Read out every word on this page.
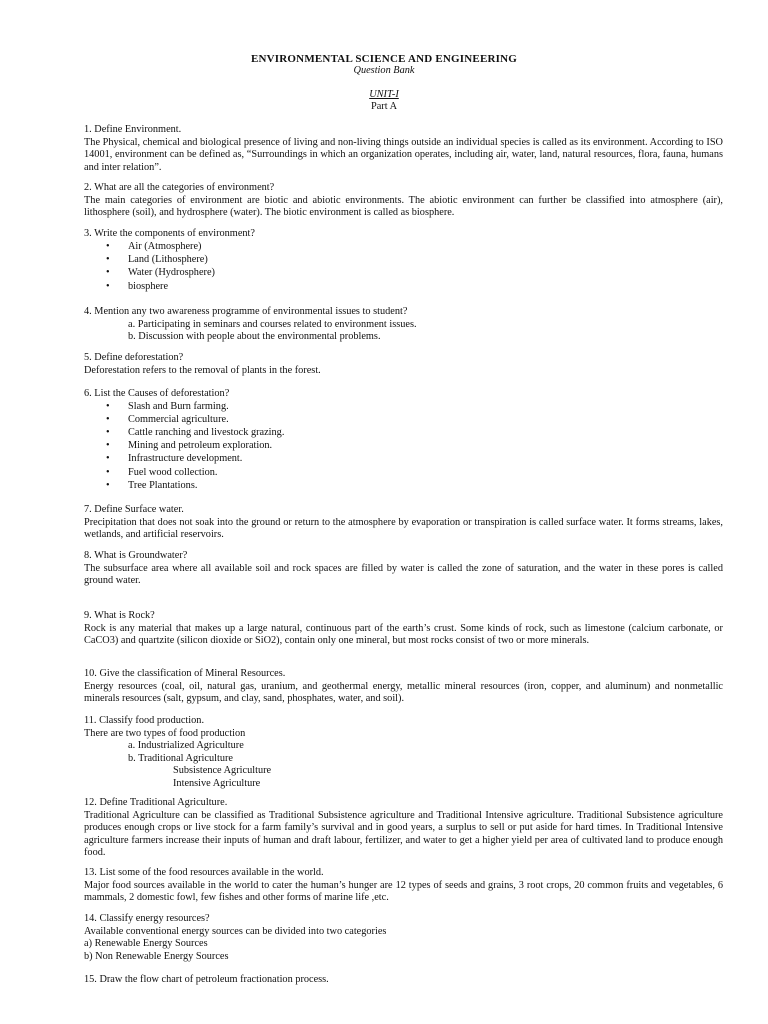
ENVIRONMENTAL SCIENCE AND ENGINEERING
Question Bank
UNIT-I
Part A

1. Define Environment.

The Physical, chemical and biological presence of living and non-living things outside an individual species is called as its environment. According to ISO 14001, environment can be defined as, “Surroundings in which an organization operates, including air, water, land, natural resources, flora, fauna, humans and inter relation”.

2. What are all the categories of environment?

The main categories of environment are biotic and abiotic environments. The abiotic environment can further be classified into atmosphere (air), lithosphere (soil), and hydrosphere (water). The biotic environment is called as biosphere.

3. Write the components of environment?

• Air (Atmosphere)
• Land (Lithosphere)
• Water (Hydrosphere)
• biosphere

4. Mention any two awareness programme of environmental issues to student?

a. Participating in seminars and courses related to environment issues.

b. Discussion with people about the environmental problems.

5. Define deforestation?

Deforestation refers to the removal of plants in the forest.

6. List the Causes of deforestation?

• Slash and Burn farming.
• Commercial agriculture.
• Cattle ranching and livestock grazing.
• Mining and petroleum exploration.
• Infrastructure development.
• Fuel wood collection.
• Tree Plantations.

7. Define Surface water.

Precipitation that does not soak into the ground or return to the atmosphere by evaporation or transpiration is called surface water. It forms streams, lakes, wetlands, and artificial reservoirs.

8. What is Groundwater?

The subsurface area where all available soil and rock spaces are filled by water is called the zone of saturation, and the water in these pores is called ground water.

9. What is Rock?

Rock is any material that makes up a large natural, continuous part of the earth’s crust. Some kinds of rock, such as limestone (calcium carbonate, or CaCO3) and quartzite (silicon dioxide or SiO2), contain only one mineral, but most rocks consist of two or more minerals.

10. Give the classification of Mineral Resources.

Energy resources (coal, oil, natural gas, uranium, and geothermal energy, metallic mineral resources (iron, copper, and aluminum) and nonmetallic minerals resources (salt, gypsum, and clay, sand, phosphates, water, and soil).

11. Classify food production.

There are two types of food production

a. Industrialized Agriculture

b. Traditional Agriculture

Subsistence Agriculture

Intensive Agriculture

12. Define Traditional Agriculture.

Traditional Agriculture can be classified as Traditional Subsistence agriculture and Traditional Intensive agriculture. Traditional Subsistence agriculture produces enough crops or live stock for a farm family’s survival and in good years, a surplus to sell or put aside for hard times. In Traditional Intensive agriculture farmers increase their inputs of human and draft labour, fertilizer, and water to get a higher yield per area of cultivated land to produce enough food.

13. List some of the food resources available in the world.

Major food sources available in the world to cater the human’s hunger are 12 types of seeds and grains, 3 root crops, 20 common fruits and vegetables, 6 mammals, 2 domestic fowl, few fishes and other forms of marine life ,etc.

14. Classify energy resources?

Available conventional energy sources can be divided into two categories

a) Renewable Energy Sources

b) Non Renewable Energy Sources

15. Draw the flow chart of petroleum fractionation process.
